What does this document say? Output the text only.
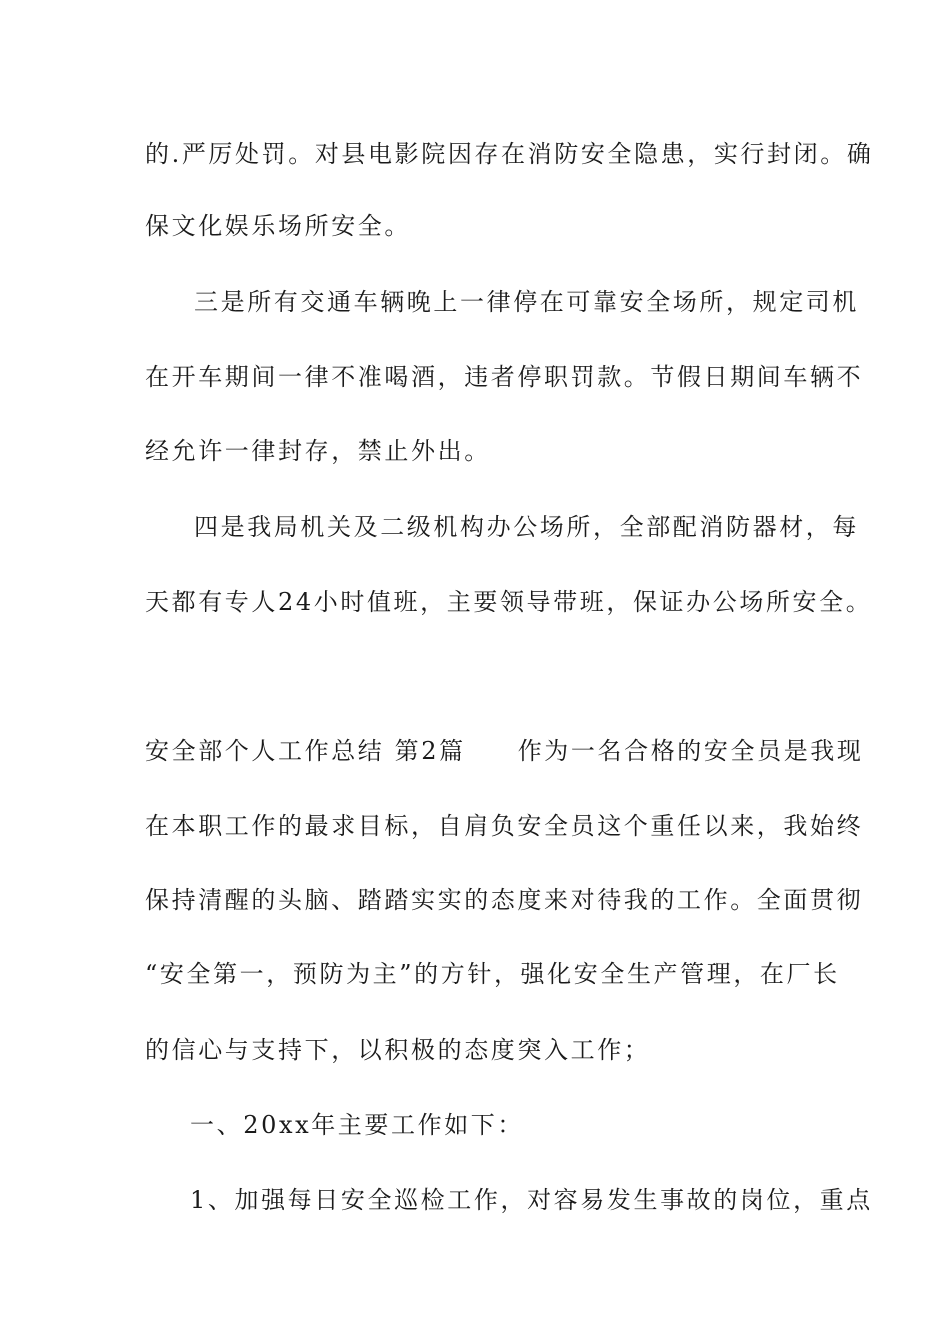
的.严厉处罚。对县电影院因存在消防安全隐患，实行封闭。确
保文化娱乐场所安全。
三是所有交通车辆晚上一律停在可靠安全场所，规定司机
在开车期间一律不准喝酒，违者停职罚款。节假日期间车辆不
经允许一律封存，禁止外出。
四是我局机关及二级机构办公场所，全部配消防器材，每
天都有专人24小时值班，主要领导带班，保证办公场所安全。
安全部个人工作总结 第2篇 作为一名合格的安全员是我现
在本职工作的最求目标，自肩负安全员这个重任以来，我始终
保持清醒的头脑、踏踏实实的态度来对待我的工作。全面贯彻
“安全第一，预防为主”的方针，强化安全生产管理，在厂长
的信心与支持下，以积极的态度突入工作；
一、20xx年主要工作如下：
1、加强每日安全巡检工作，对容易发生事故的岗位，重点
